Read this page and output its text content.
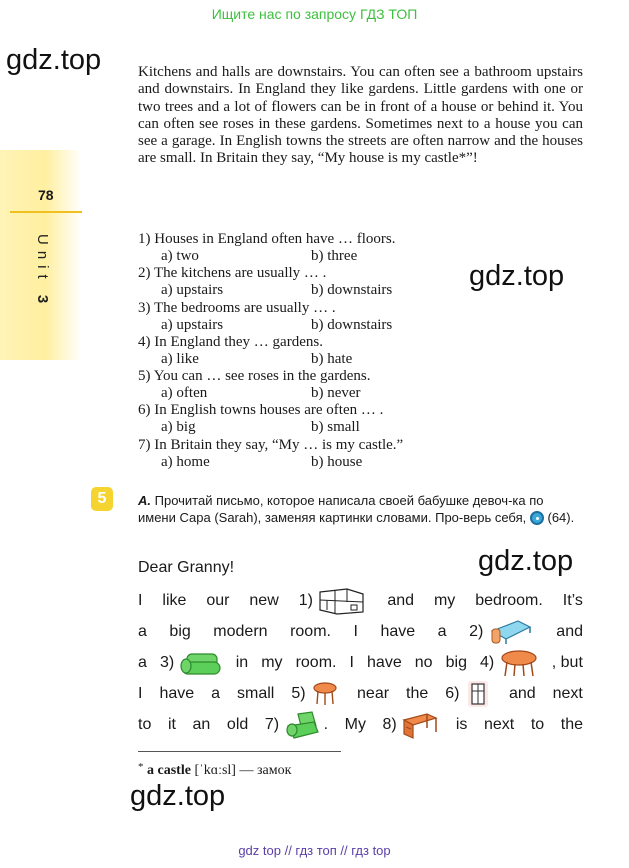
Ищите нас по запросу ГДЗ ТОП
gdz.top
gdz.top
gdz.top
gdz.top
78
Unit 3
Kitchens and halls are downstairs. You can often see a bathroom upstairs and downstairs. In England they like gardens. Little gardens with one or two trees and a lot of flowers can be in front of a house or behind it. You can often see roses in these gardens. Sometimes next to a house you can see a garage. In English towns the streets are often narrow and the houses are small. In Britain they say, “My house is my castle*”!
1) Houses in England often have … floors.
a) two	b) three
2) The kitchens are usually … .
a) upstairs	b) downstairs
3) The bedrooms are usually … .
a) upstairs	b) downstairs
4) In England they … gardens.
a) like	b) hate
5) You can … see roses in the gardens.
a) often	b) never
6) In English towns houses are often … .
a) big	b) small
7) In Britain they say, “My … is my castle.”
a) home	b) house
5	A. Прочитай письмо, которое написала своей бабушке девоч-ка по имени Сара (Sarah), заменяя картинки словами. Про-верь себя, (64).
Dear Granny!
I like our new 1)	and my bedroom. It’s
a big modern room. I have a 2)	and
a 3)	in my room. I have no big 4)	, but
I have a small 5)	near the 6)	and next
to it an old 7)	. My 8)	is next to the
* a castle [ˈkɑːsl] — замок
gdz top // гдз топ // гдз top
